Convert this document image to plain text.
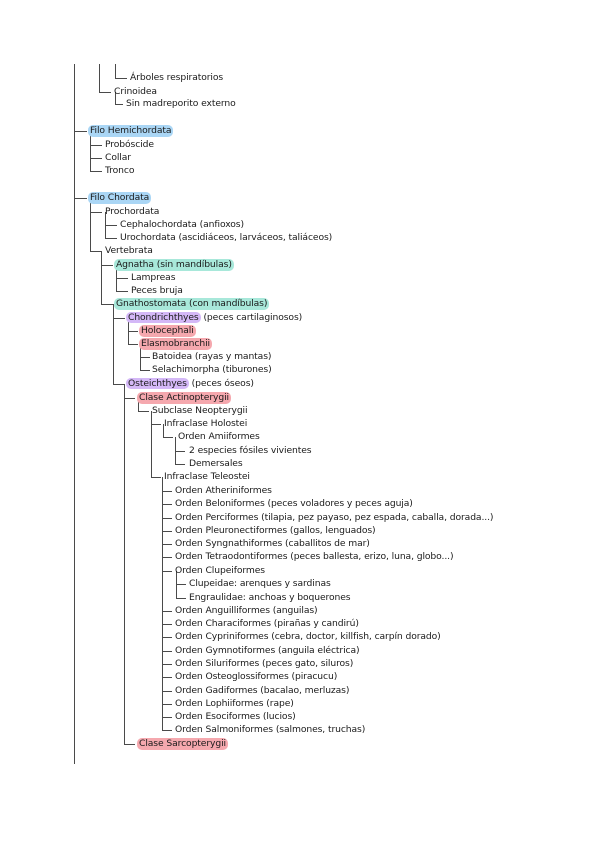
Árboles respiratorios
Crinoidea
Sin madreporito externo
Filo Hemichordata
Probóscide
Collar
Tronco
Filo Chordata
Prochordata
Cephalochordata (anfioxos)
Urochordata (ascidiáceos, larváceos, taliáceos)
Vertebrata
Agnatha (sin mandíbulas)
Lampreas
Peces bruja
Gnathostomata (con mandíbulas)
Chondrichthyes (peces cartilaginosos)
Holocephali
Elasmobranchii
Batoidea (rayas y mantas)
Selachimorpha (tiburones)
Osteichthyes (peces óseos)
Clase Actinopterygii
Subclase Neopterygii
Infraclase Holostei
Orden Amiiformes
2 especies fósiles vivientes
Demersales
Infraclase Teleostei
Orden Atheriniformes
Orden Beloniformes (peces voladores y peces aguja)
Orden Perciformes (tilapia, pez payaso, pez espada, caballa, dorada...)
Orden Pleuronectiformes (gallos, lenguados)
Orden Syngnathiformes (caballitos de mar)
Orden Tetraodontiformes (peces ballesta, erizo, luna, globo...)
Orden Clupeiformes
Clupeidae: arenques y sardinas
Engraulidae: anchoas y boquerones
Orden Anguilliformes (anguilas)
Orden Characiformes (pirañas y candirú)
Orden Cypriniformes (cebra, doctor, killfish, carpín dorado)
Orden Gymnotiformes (anguila eléctrica)
Orden Siluriformes (peces gato, siluros)
Orden Osteoglossiformes (piracucu)
Orden Gadiformes (bacalao, merluzas)
Orden Lophiiformes (rape)
Orden Esociformes (lucios)
Orden Salmoniformes (salmones, truchas)
Clase Sarcopterygii
